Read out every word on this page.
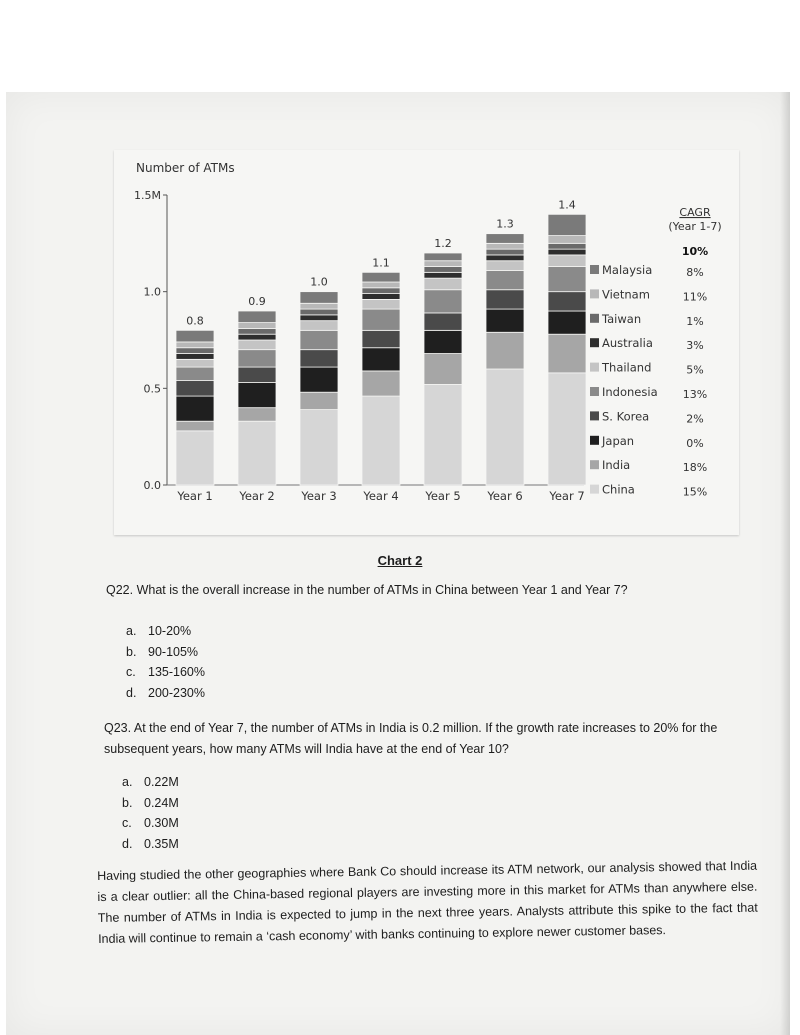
Number of ATMs
0.0
0.5
1.0
1.5M
0.8
Year 1
0.9
Year 2
1.0
Year 3
1.1
Year 4
1.2
Year 5
1.3
Year 6
1.4
Year 7
CAGR
(Year 1-7)
10%
Malaysia	8%
Vietnam	11%
Taiwan	1%
Australia	3%
Thailand	5%
Indonesia 13%
S. Korea	2%
Japan	0%
India	18%
China	15%
Chart 2
Q22. What is the overall increase in the number of ATMs in China between Year 1 and Year 7?
a. 10-20%
b. 90-105%
c. 135-160%
d. 200-230%
Q23. At the end of Year 7, the number of ATMs in India is 0.2 million. If the growth rate increases to 20% for the
subsequent years, how many ATMs will India have at the end of Year 10?
a. 0.22M
b. 0.24M
c. 0.30M
d. 0.35M
Having studied the other geographies where Bank Co should increase its ATM network, our analysis showed that India is a clear outlier: all the China-based regional players are investing more in this market for ATMs than anywhere else. The number of ATMs in India is expected to jump in the next three years. Analysts attribute this spike to the fact that India will continue to remain a ‘cash economy’ with banks continuing to explore newer customer bases.
